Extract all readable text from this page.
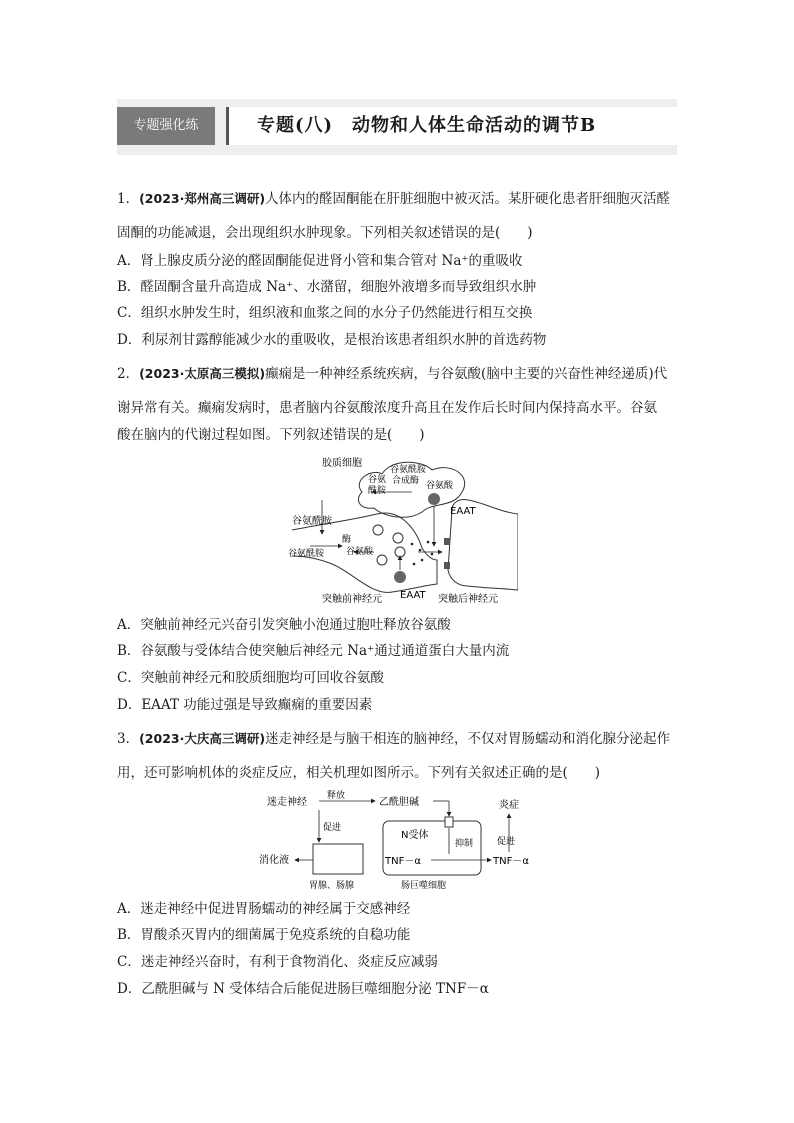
专题强化练	专题(八)　动物和人体生命活动的调节B
1．(2023·郑州高三调研)人体内的醛固酮能在肝脏细胞中被灭活。某肝硬化患者肝细胞灭活醛
固酮的功能减退，会出现组织水肿现象。下列相关叙述错误的是(　　)
A．肾上腺皮质分泌的醛固酮能促进肾小管和集合管对 Na⁺的重吸收
B．醛固酮含量升高造成 Na⁺、水潴留，细胞外液增多而导致组织水肿
C．组织水肿发生时，组织液和血浆之间的水分子仍然能进行相互交换
D．利尿剂甘露醇能减少水的重吸收，是根治该患者组织水肿的首选药物
2．(2023·太原高三模拟)癫痫是一种神经系统疾病，与谷氨酸(脑中主要的兴奋性神经递质)代
谢异常有关。癫痫发病时，患者脑内谷氨酸浓度升高且在发作后长时间内保持高水平。谷氨
酸在脑内的代谢过程如图。下列叙述错误的是(　　)
胶质细胞
谷氨
酰胺
谷氨酰胺
合成酶 谷氨酸
EAAT
谷氨酰胺
谷氨酰胺
酶
谷氨酸
突触前神经元 EAAT 突触后神经元
A．突触前神经元兴奋引发突触小泡通过胞吐释放谷氨酸
B．谷氨酸与受体结合使突触后神经元 Na⁺通过通道蛋白大量内流
C．突触前神经元和胶质细胞均可回收谷氨酸
D．EAAT 功能过强是导致癫痫的重要因素
3．(2023·大庆高三调研)迷走神经是与脑干相连的脑神经，不仅对胃肠蠕动和消化腺分泌起作
用，还可影响机体的炎症反应，相关机理如图所示。下列有关叙述正确的是(　　)
迷走神经
释放
乙酰胆碱
促进
消化液
胃腺、肠腺
N受体
抑制
TNF－α	TNF－α
促进
炎症
肠巨噬细胞
A．迷走神经中促进胃肠蠕动的神经属于交感神经
B．胃酸杀灭胃内的细菌属于免疫系统的自稳功能
C．迷走神经兴奋时，有利于食物消化、炎症反应减弱
D．乙酰胆碱与 N 受体结合后能促进肠巨噬细胞分泌 TNF－α
